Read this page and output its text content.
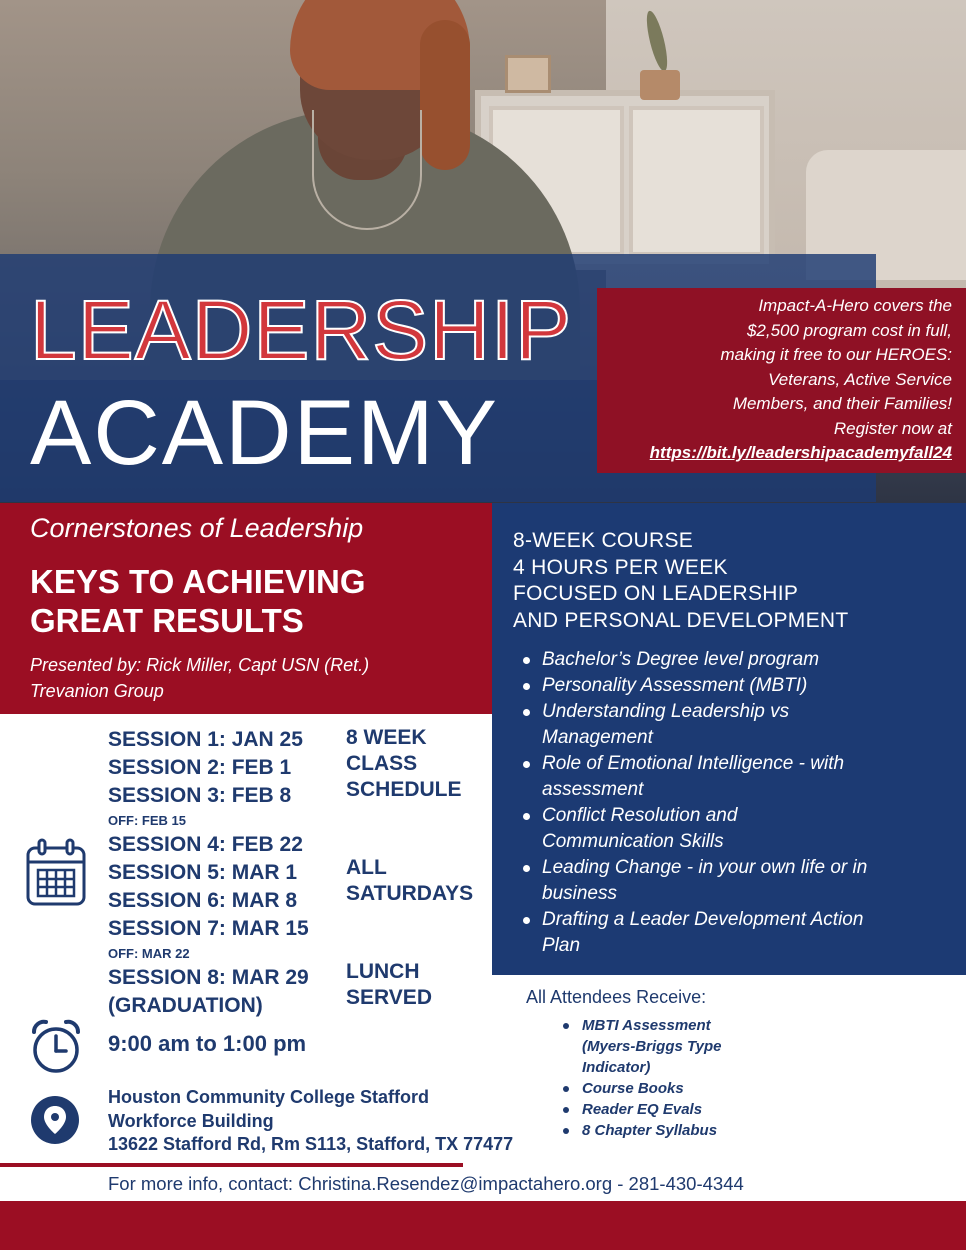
LEADERSHIP
ACADEMY
Impact-A-Hero covers the
$2,500 program cost in full,
making it free to our HEROES:
Veterans, Active Service
Members, and their Families!
Register now at
https://bit.ly/leadershipacademyfall24
Cornerstones of Leadership
KEYS TO ACHIEVING
GREAT RESULTS
Presented by: Rick Miller, Capt USN (Ret.)
Trevanion Group
8-WEEK COURSE
4 HOURS PER WEEK
FOCUSED ON LEADERSHIP
AND PERSONAL DEVELOPMENT
Bachelor’s Degree level program
Personality Assessment (MBTI)
Understanding Leadership vs Management
Role of Emotional Intelligence - with assessment
Conflict Resolution and Communication Skills
Leading Change - in your own life or in business
Drafting a Leader Development Action Plan
SESSION 1: JAN 25
SESSION 2: FEB 1
SESSION 3: FEB 8
OFF: FEB 15
SESSION 4: FEB 22
SESSION 5: MAR 1
SESSION 6: MAR 8
SESSION 7: MAR 15
OFF: MAR 22
SESSION 8: MAR 29
(GRADUATION)
8 WEEK
CLASS
SCHEDULE
ALL
SATURDAYS
LUNCH
SERVED
9:00 am to 1:00 pm
Houston Community College Stafford
Workforce Building
13622 Stafford Rd, Rm S113, Stafford, TX 77477
All Attendees Receive:
MBTI Assessment (Myers-Briggs Type Indicator)
Course Books
Reader EQ Evals
8 Chapter Syllabus
For more info, contact: Christina.Resendez@impactahero.org - 281-430-4344
